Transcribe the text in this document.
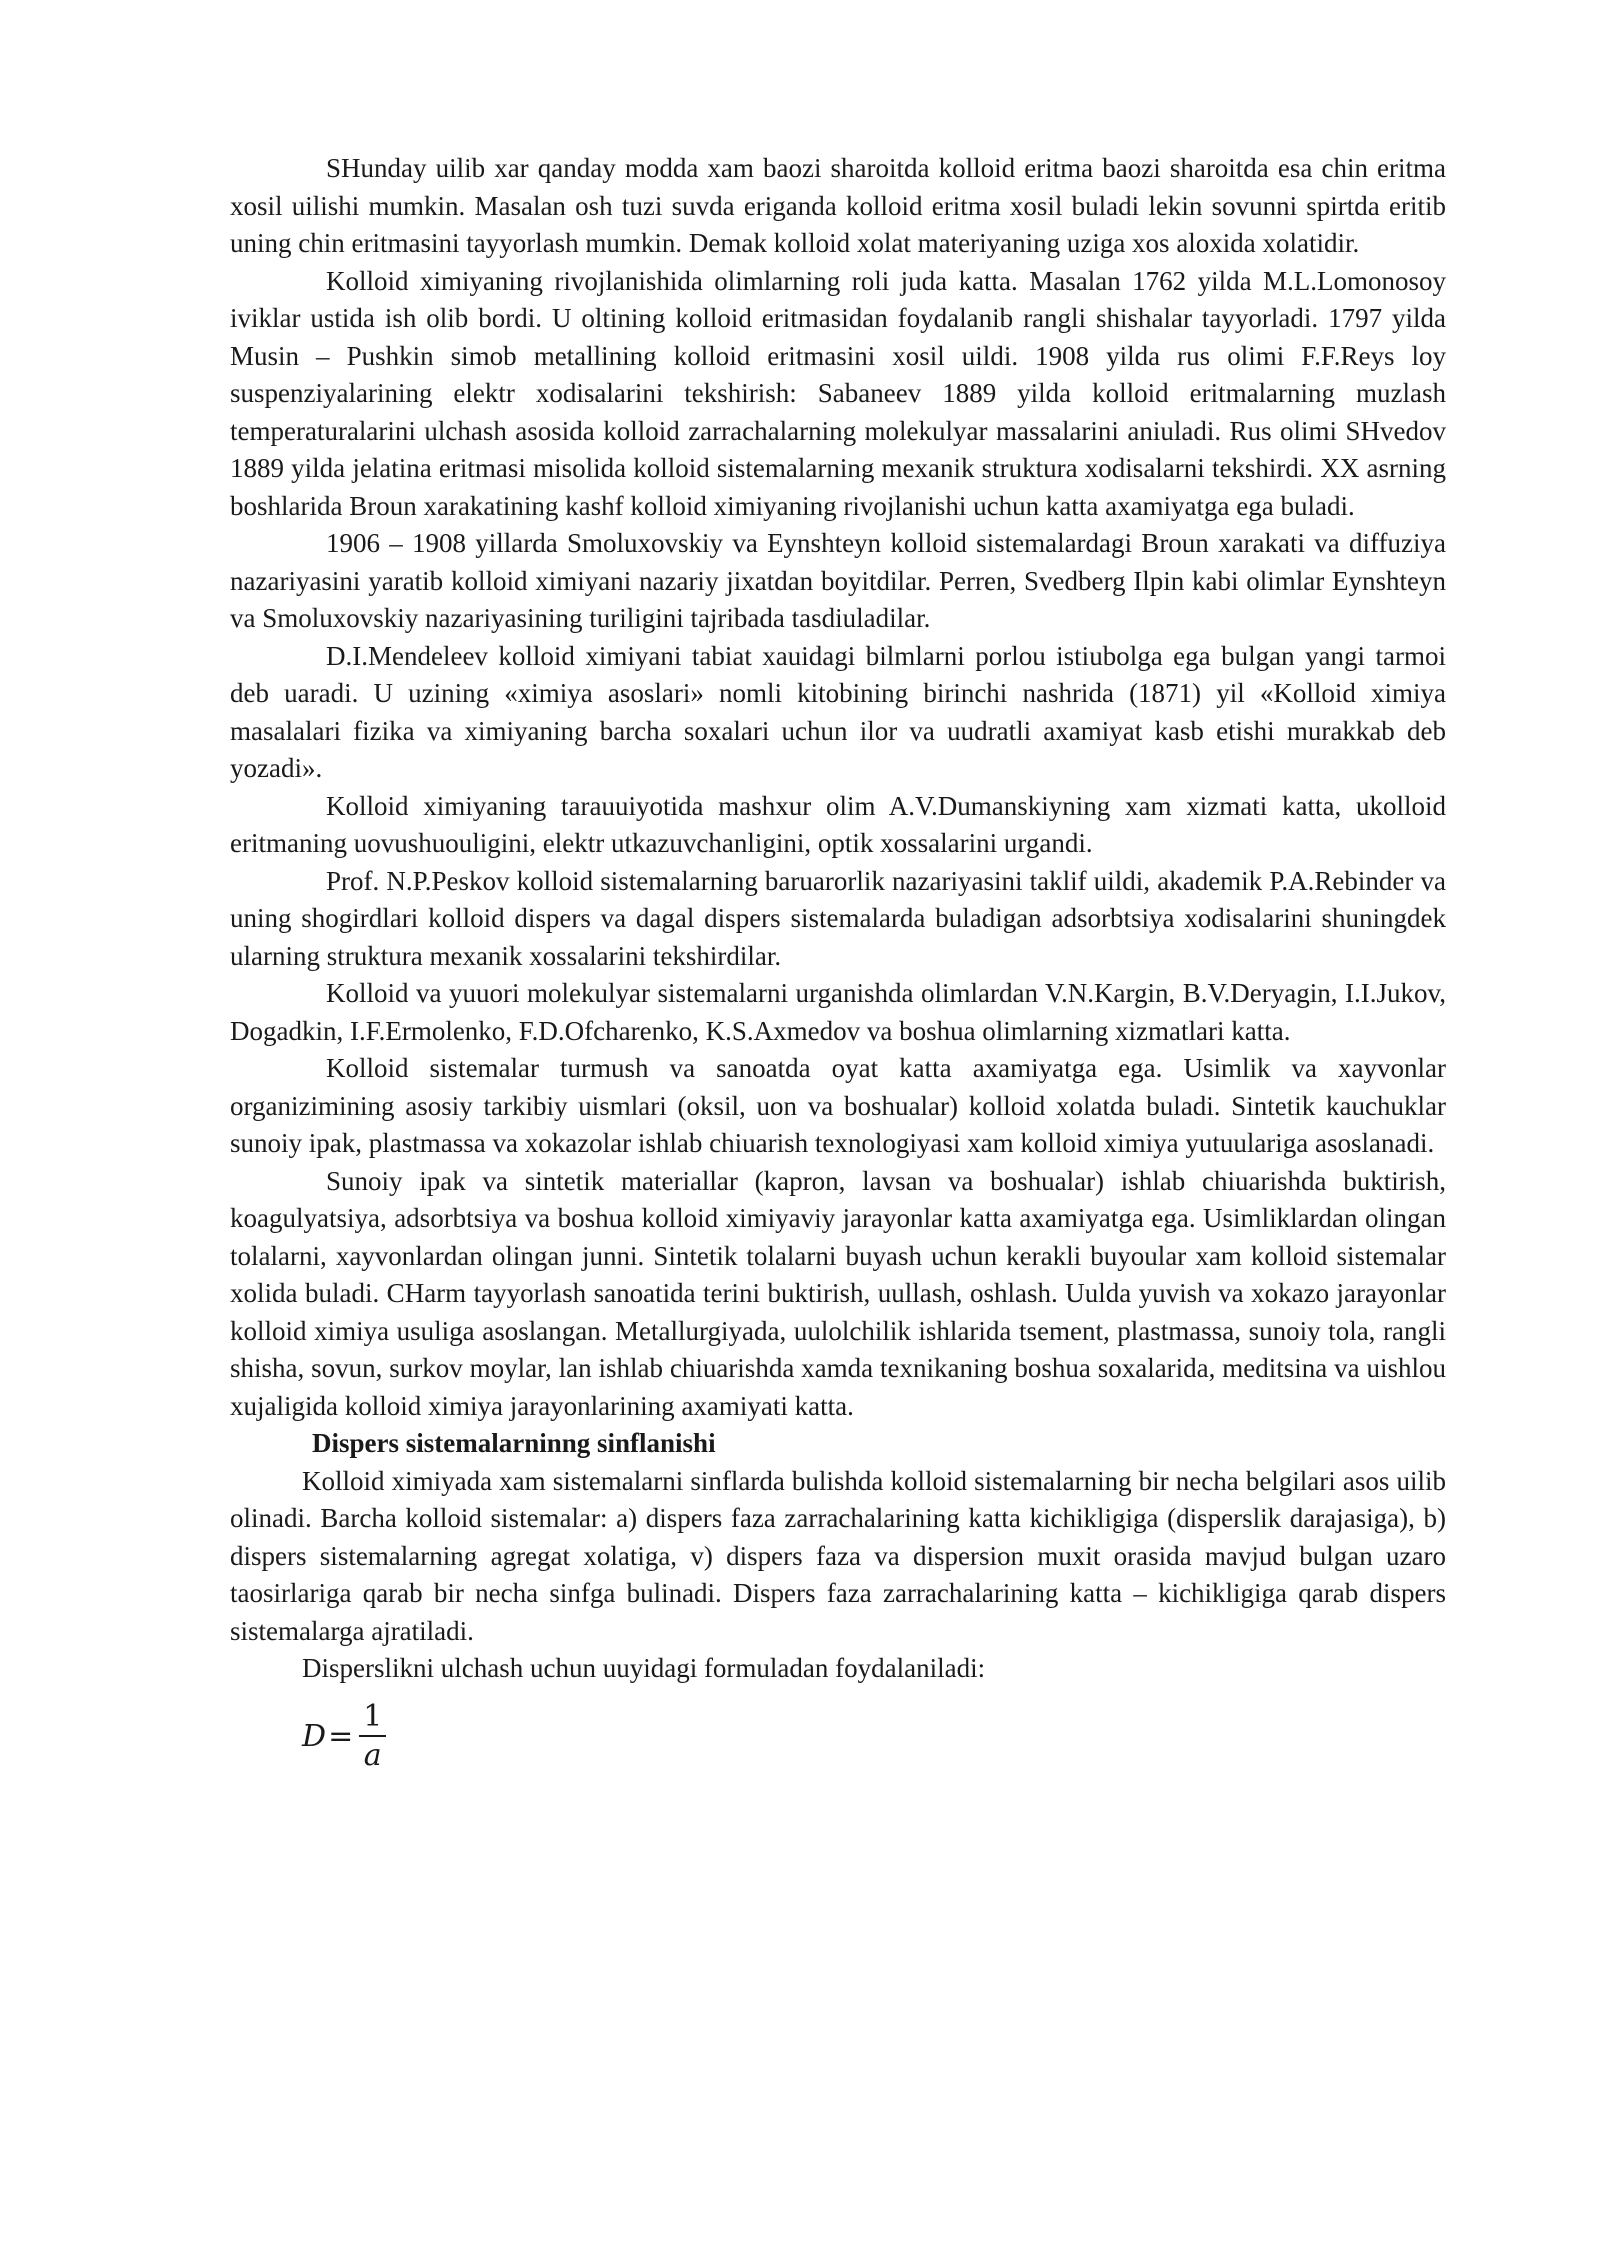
SHunday uilib xar qanday modda xam baozi sharoitda kolloid eritma baozi sharoitda esa chin eritma xosil uilishi mumkin. Masalan osh tuzi suvda eriganda kolloid eritma xosil buladi lekin sovunni spirtda eritib uning chin eritmasini tayyorlash mumkin. Demak kolloid xolat materiyaning uziga xos aloxida xolatidir.

Kolloid ximiyaning rivojlanishida olimlarning roli juda katta. Masalan 1762 yilda M.L.Lomonosoy iviklar ustida ish olib bordi. U oltining kolloid eritmasidan foydalanib rangli shishalar tayyorladi. 1797 yilda Musin – Pushkin simob metallining kolloid eritmasini xosil uildi. 1908 yilda rus olimi F.F.Reys loy suspenziyalarining elektr xodisalarini tekshirish: Sabaneev 1889 yilda kolloid eritmalarning muzlash temperaturalarini ulchash asosida kolloid zarrachalarning molekulyar massalarini aniuladi. Rus olimi SHvedov 1889 yilda jelatina eritmasi misolida kolloid sistemalarning mexanik struktura xodisalarni tekshirdi. XX asrning boshlarida Broun xarakatining kashf kolloid ximiyaning rivojlanishi uchun katta axamiyatga ega buladi.

1906 – 1908 yillarda Smoluxovskiy va Eynshteyn kolloid sistemalardagi Broun xarakati va diffuziya nazariyasini yaratib kolloid ximiyani nazariy jixatdan boyitdilar. Perren, Svedberg Ilpin kabi olimlar Eynshteyn va Smoluxovskiy nazariyasining turiligini tajribada tasdiuladilar.

D.I.Mendeleev kolloid ximiyani tabiat xauidagi bilmlarni porlou istiubolga ega bulgan yangi tarmoi deb uaradi. U uzining «ximiya asoslari» nomli kitobining birinchi nashrida (1871) yil «Kolloid ximiya masalalari fizika va ximiyaning barcha soxalari uchun ilor va uudratli axamiyat kasb etishi murakkab deb yozadi».

Kolloid ximiyaning tarauuiyotida mashxur olim A.V.Dumanskiyning xam xizmati katta, ukolloid eritmaning uovushuouligini, elektr utkazuvchanligini, optik xossalarini urgandi.

Prof. N.P.Peskov kolloid sistemalarning baruarorlik nazariyasini taklif uildi, akademik P.A.Rebinder va uning shogirdlari kolloid dispers va dagal dispers sistemalarda buladigan adsorbtsiya xodisalarini shuningdek ularning struktura mexanik xossalarini tekshirdilar.

Kolloid va yuuori molekulyar sistemalarni urganishda olimlardan V.N.Kargin, B.V.Deryagin, I.I.Jukov, Dogadkin, I.F.Ermolenko, F.D.Ofcharenko, K.S.Axmedov va boshua olimlarning xizmatlari katta.

Kolloid sistemalar turmush va sanoatda oyat katta axamiyatga ega. Usimlik va xayvonlar organizimining asosiy tarkibiy uismlari (oksil, uon va boshualar) kolloid xolatda buladi. Sintetik kauchuklar sunoiy ipak, plastmassa va xokazolar ishlab chiuarish texnologiyasi xam kolloid ximiya yutuulariga asoslanadi.

Sunoiy ipak va sintetik materiallar (kapron, lavsan va boshualar) ishlab chiuarishda buktirish, koagulyatsiya, adsorbtsiya va boshua kolloid ximiyaviy jarayonlar katta axamiyatga ega. Usimliklardan olingan tolalarni, xayvonlardan olingan junni. Sintetik tolalarni buyash uchun kerakli buyoular xam kolloid sistemalar xolida buladi. CHarm tayyorlash sanoatida terini buktirish, uullash, oshlash. Uulda yuvish va xokazo jarayonlar kolloid ximiya usuliga asoslangan. Metallurgiyada, uulolchilik ishlarida tsement, plastmassa, sunoiy tola, rangli shisha, sovun, surkov moylar, lan ishlab chiuarishda xamda texnikaning boshua soxalarida, meditsina va uishlou xujaligida kolloid ximiya jarayonlarining axamiyati katta.

Dispers sistemalarninng sinflanishi

Kolloid ximiyada xam sistemalarni sinflarda bulishda kolloid sistemalarning bir necha belgilari asos uilib olinadi. Barcha kolloid sistemalar: a) dispers faza zarrachalarining katta kichikligiga (disperslik darajasiga), b) dispers sistemalarning agregat xolatiga, v) dispers faza va dispersion muxit orasida mavjud bulgan uzaro taosirlariga qarab bir necha sinfga bulinadi. Dispers faza zarrachalarining katta – kichikligiga qarab dispers sistemalarga ajratiladi.

Disperslikni ulchash uchun uuyidagi formuladan foydalaniladi:

$D = \frac{1}{a}$
